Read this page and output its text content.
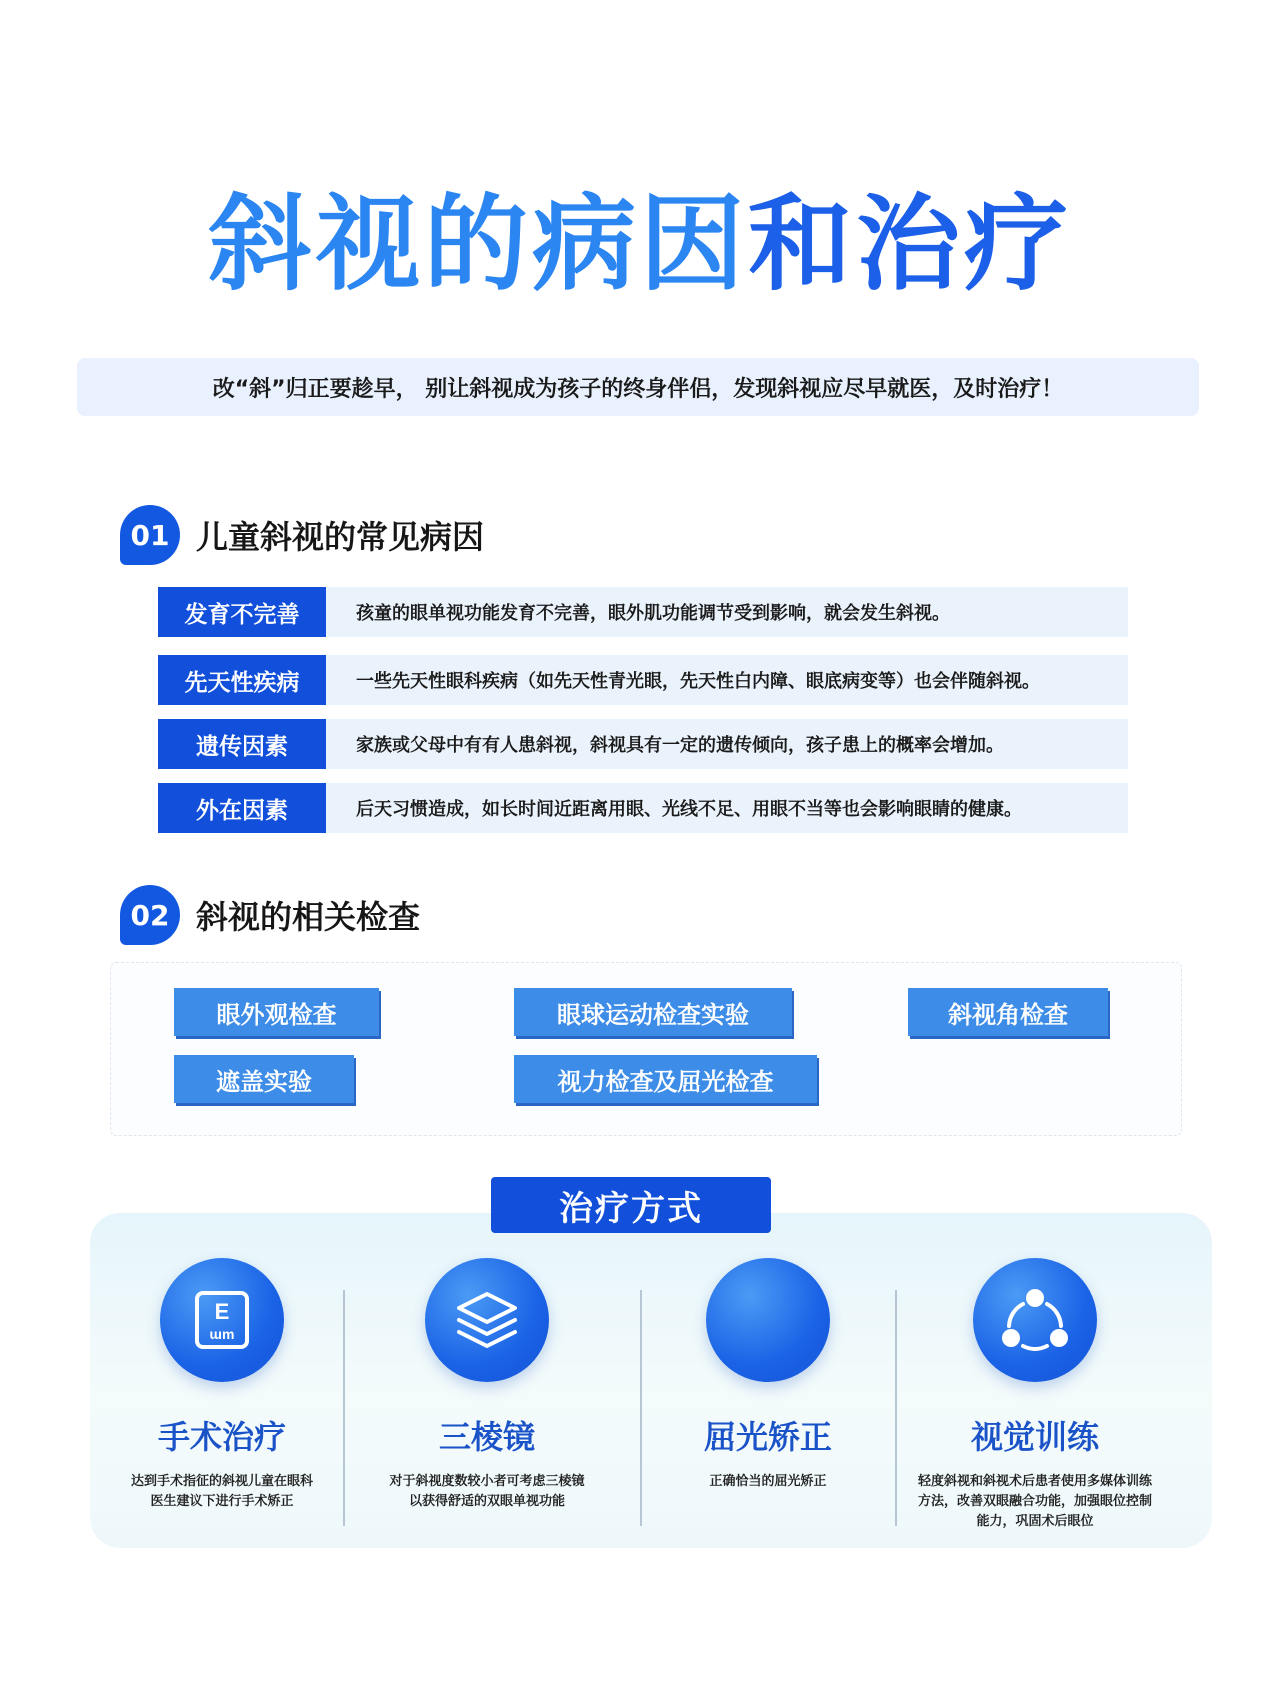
斜视的病因和治疗
改“斜”归正要趁早， 别让斜视成为孩子的终身伴侣，发现斜视应尽早就医，及时治疗！
01 儿童斜视的常见病因
发育不完善	孩童的眼单视功能发育不完善，眼外肌功能调节受到影响，就会发生斜视。
先天性疾病	一些先天性眼科疾病（如先天性青光眼，先天性白内障、眼底病变等）也会伴随斜视。
遗传因素	家族或父母中有有人患斜视，斜视具有一定的遗传倾向，孩子患上的概率会增加。
外在因素	后天习惯造成，如长时间近距离用眼、光线不足、用眼不当等也会影响眼睛的健康。
02 斜视的相关检查
眼外观检查	眼球运动检查实验	斜视角检查
遮盖实验	视力检查及屈光检查
治疗方式
E
ɯm
手术治疗
达到手术指征的斜视儿童在眼科
医生建议下进行手术矫正
三棱镜
对于斜视度数较小者可考虑三棱镜
以获得舒适的双眼单视功能
屈光矫正
正确恰当的屈光矫正
视觉训练
轻度斜视和斜视术后患者使用多媒体训练
方法，改善双眼融合功能，加强眼位控制
能力，巩固术后眼位
